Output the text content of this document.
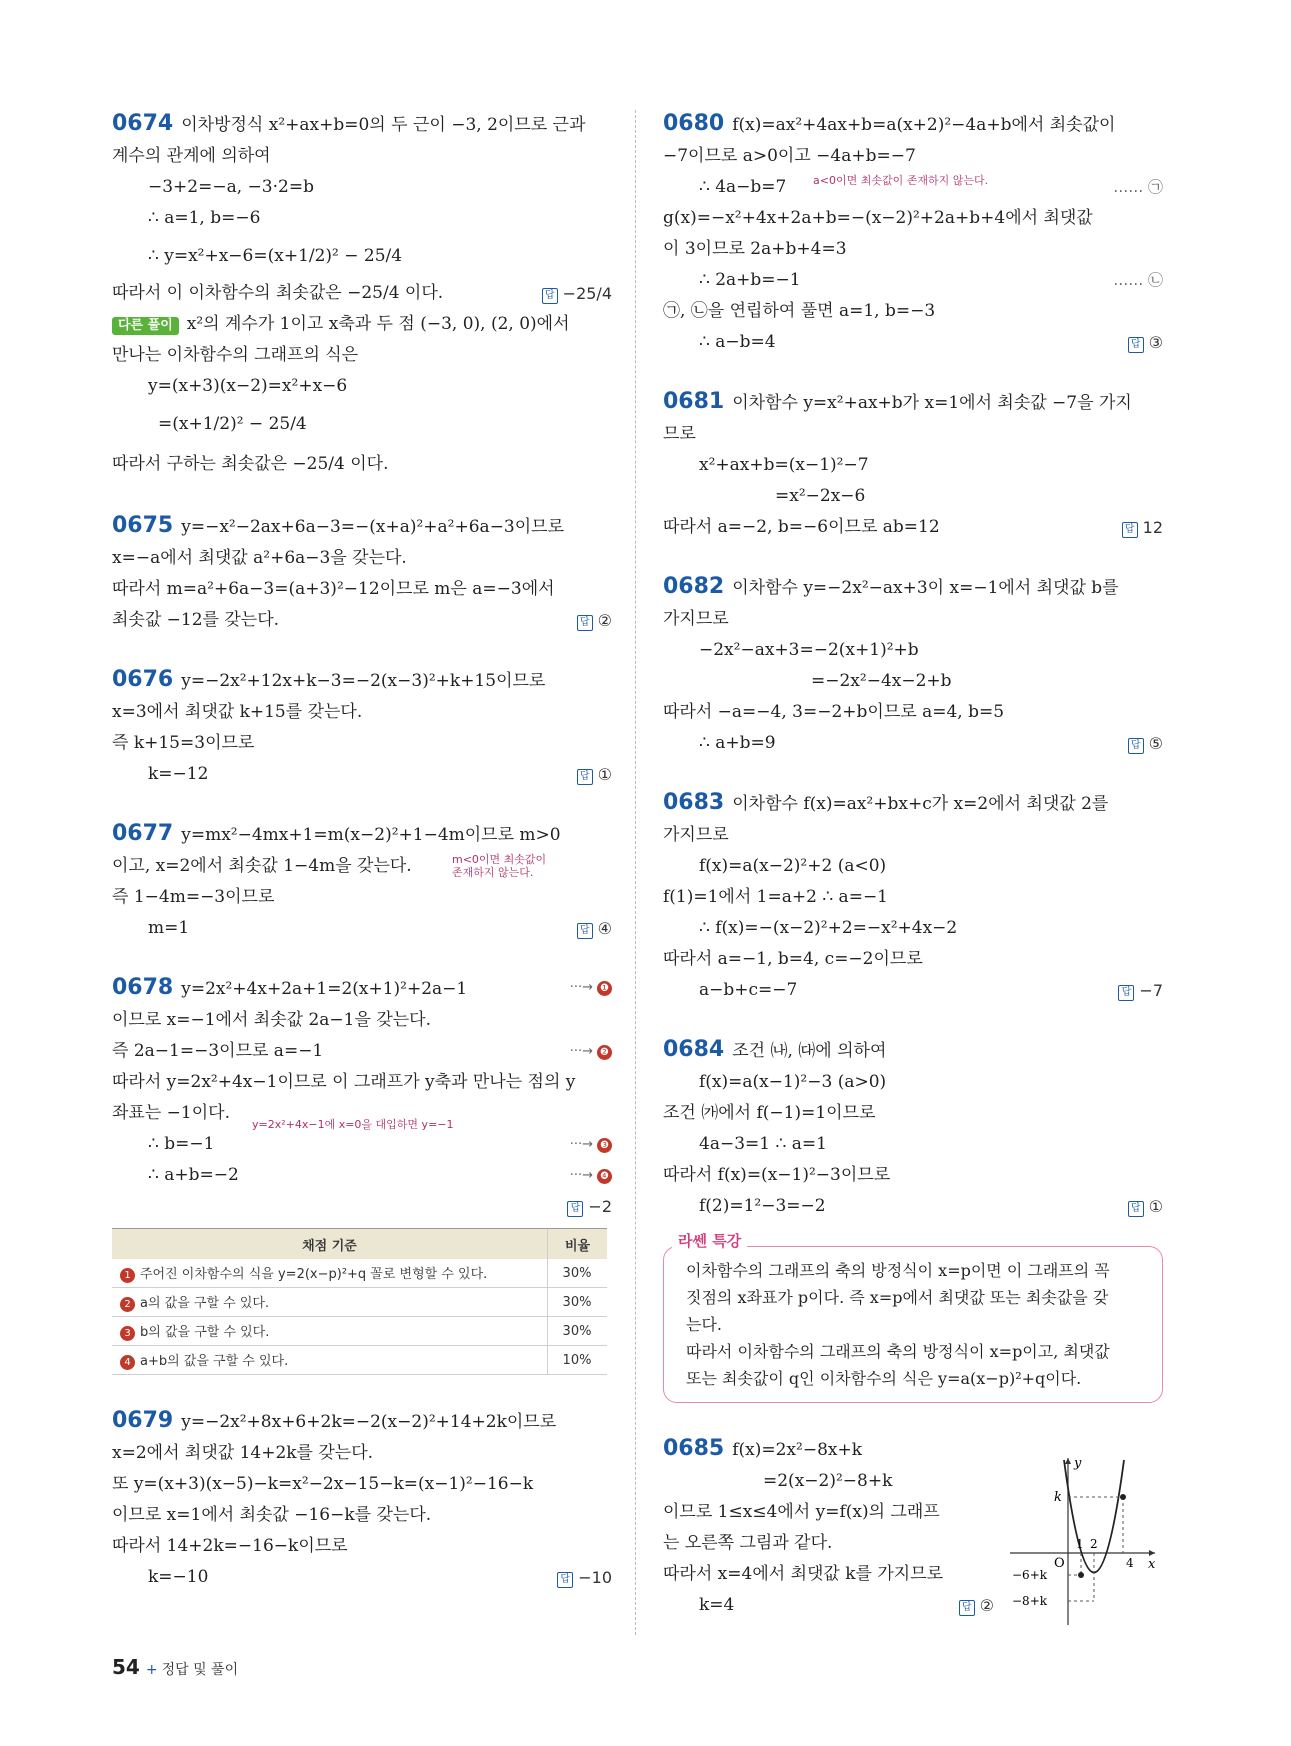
0674 이차방정식 x²+ax+b=0의 두 근이 −3, 2이므로 근과
계수의 관계에 의하여
−3+2=−a, −3·2=b
∴ a=1, b=−6
∴ y=x²+x−6=(x+1/2)² − 25/4
따라서 이 이차함수의 최솟값은 −25/4 이다.	답 −25/4
다른 풀이 x²의 계수가 1이고 x축과 두 점 (−3, 0), (2, 0)에서
만나는 이차함수의 그래프의 식은
y=(x+3)(x−2)=x²+x−6
=(x+1/2)² − 25/4
따라서 구하는 최솟값은 −25/4 이다.
0675 y=−x²−2ax+6a−3=−(x+a)²+a²+6a−3이므로
x=−a에서 최댓값 a²+6a−3을 갖는다.
따라서 m=a²+6a−3=(a+3)²−12이므로 m은 a=−3에서
최솟값 −12를 갖는다.	답 ②
0676 y=−2x²+12x+k−3=−2(x−3)²+k+15이므로
x=3에서 최댓값 k+15를 갖는다.
즉 k+15=3이므로
k=−12	답 ①
0677 y=mx²−4mx+1=m(x−2)²+1−4m이므로 m>0
이고, x=2에서 최솟값 1−4m을 갖는다.	m<0이면 최솟값이 존재하지 않는다.
즉 1−4m=−3이므로
m=1	답 ④
0678 y=2x²+4x+2a+1=2(x+1)²+2a−1	···→ ❶
이므로 x=−1에서 최솟값 2a−1을 갖는다.
즉 2a−1=−3이므로 a=−1	···→ ❷
따라서 y=2x²+4x−1이므로 이 그래프가 y축과 만나는 점의 y
좌표는 −1이다.
y=2x²+4x−1에 x=0을 대입하면 y=−1
∴ b=−1	···→ ❸
∴ a+b=−2	···→ ❹
답 −2

채점 기준	비율
1 주어진 이차함수의 식을 y=2(x−p)²+q 꼴로 변형할 수 있다.	30%
2 a의 값을 구할 수 있다.	30%
3 b의 값을 구할 수 있다.	30%
4 a+b의 값을 구할 수 있다.	10%
0679 y=−2x²+8x+6+2k=−2(x−2)²+14+2k이므로
x=2에서 최댓값 14+2k를 갖는다.
또 y=(x+3)(x−5)−k=x²−2x−15−k=(x−1)²−16−k
이므로 x=1에서 최솟값 −16−k를 갖는다.
따라서 14+2k=−16−k이므로
k=−10	답 −10
0680 f(x)=ax²+4ax+b=a(x+2)²−4a+b에서 최솟값이
−7이므로 a>0이고 −4a+b=−7
∴ 4a−b=7 a<0이면 최솟값이 존재하지 않는다.	…… ㉠
g(x)=−x²+4x+2a+b=−(x−2)²+2a+b+4에서 최댓값
이 3이므로 2a+b+4=3
∴ 2a+b=−1	…… ㉡
㉠, ㉡을 연립하여 풀면 a=1, b=−3
∴ a−b=4	답 ③
0681 이차함수 y=x²+ax+b가 x=1에서 최솟값 −7을 가지
므로
x²+ax+b=(x−1)²−7
=x²−2x−6
따라서 a=−2, b=−6이므로 ab=12	답 12
0682 이차함수 y=−2x²−ax+3이 x=−1에서 최댓값 b를
가지므로
−2x²−ax+3=−2(x+1)²+b
=−2x²−4x−2+b
따라서 −a=−4, 3=−2+b이므로 a=4, b=5
∴ a+b=9	답 ⑤
0683 이차함수 f(x)=ax²+bx+c가 x=2에서 최댓값 2를
가지므로
f(x)=a(x−2)²+2 (a<0)
f(1)=1에서 1=a+2 ∴ a=−1
∴ f(x)=−(x−2)²+2=−x²+4x−2
따라서 a=−1, b=4, c=−2이므로
a−b+c=−7	답 −7
0684 조건 ㈏, ㈐에 의하여
f(x)=a(x−1)²−3 (a>0)
조건 ㈎에서 f(−1)=1이므로
4a−3=1 ∴ a=1
따라서 f(x)=(x−1)²−3이므로
f(2)=1²−3=−2	답 ①
라쎈 특강
이차함수의 그래프의 축의 방정식이 x=p이면 이 그래프의 꼭
짓점의 x좌표가 p이다. 즉 x=p에서 최댓값 또는 최솟값을 갖
는다.
따라서 이차함수의 그래프의 축의 방정식이 x=p이고, 최댓값
또는 최솟값이 q인 이차함수의 식은 y=a(x−p)²+q이다.
0685 f(x)=2x²−8x+k
=2(x−2)²−8+k
이므로 1≤x≤4에서 y=f(x)의 그래프
는 오른쪽 그림과 같다.
따라서 x=4에서 최댓값 k를 가지므로
k=4	답 ②
y
x
O
k
−6+k
−8+k
1 2
4
54 + 정답 및 풀이
